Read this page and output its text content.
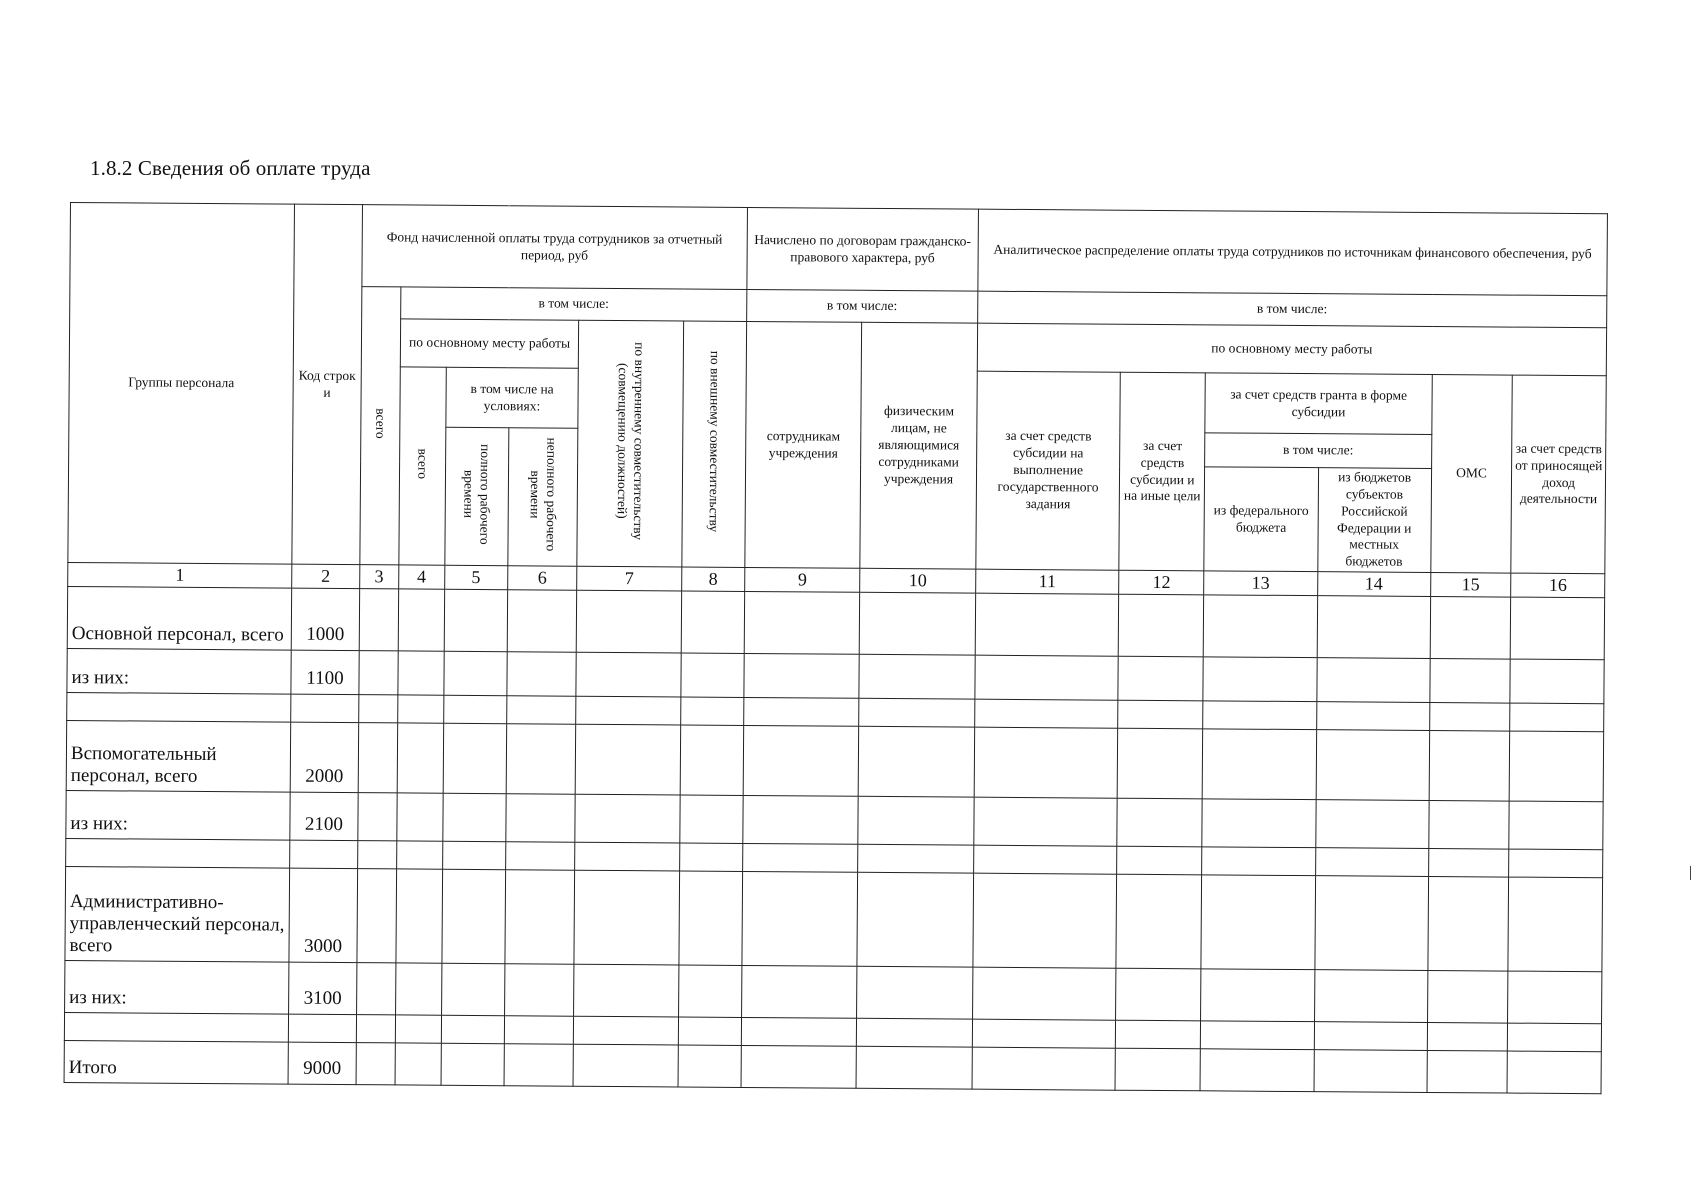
1.8.2 Сведения об оплате труда
Группы персонала	Код строк и	Фонд начисленной оплаты труда сотрудников за отчетный период, руб						Начислено по договорам гражданско-правового характера, руб		Аналитическое распределение оплаты труда сотрудников по источникам финансового обеспечения, руб					
		всего	в том числе:					в том числе:		в том числе:					
			по основному месту работы			по внутреннему совместительству (совмещению должностей)	по внешнему совместительству	сотрудникам учреждения	физическим лицам, не являющимися сотрудниками учреждения	по основному месту работы					
			всего	в том числе на условиях:						за счет средств субсидии на выполнение государственного задания	за счет средств субсидии и на иные цели	за счет средств гранта в форме субсидии		ОМС	за счет средств от приносящей доход деятельности
				полного рабочего времени	неполного рабочего времени							в том числе:			
												из федерального бюджета	из бюджетов субъектов Российской Федерации и местных бюджетов		
1	2	3	4	5	6	7	8	9	10	11	12	13	14	15	16
Основной персонал, всего	1000														
из них:	1100														

Вспомогательный персонал, всего	2000														
из них:	2100														

Административно-управленческий персонал, всего	3000														
из них:	3100														

Итого	9000														
